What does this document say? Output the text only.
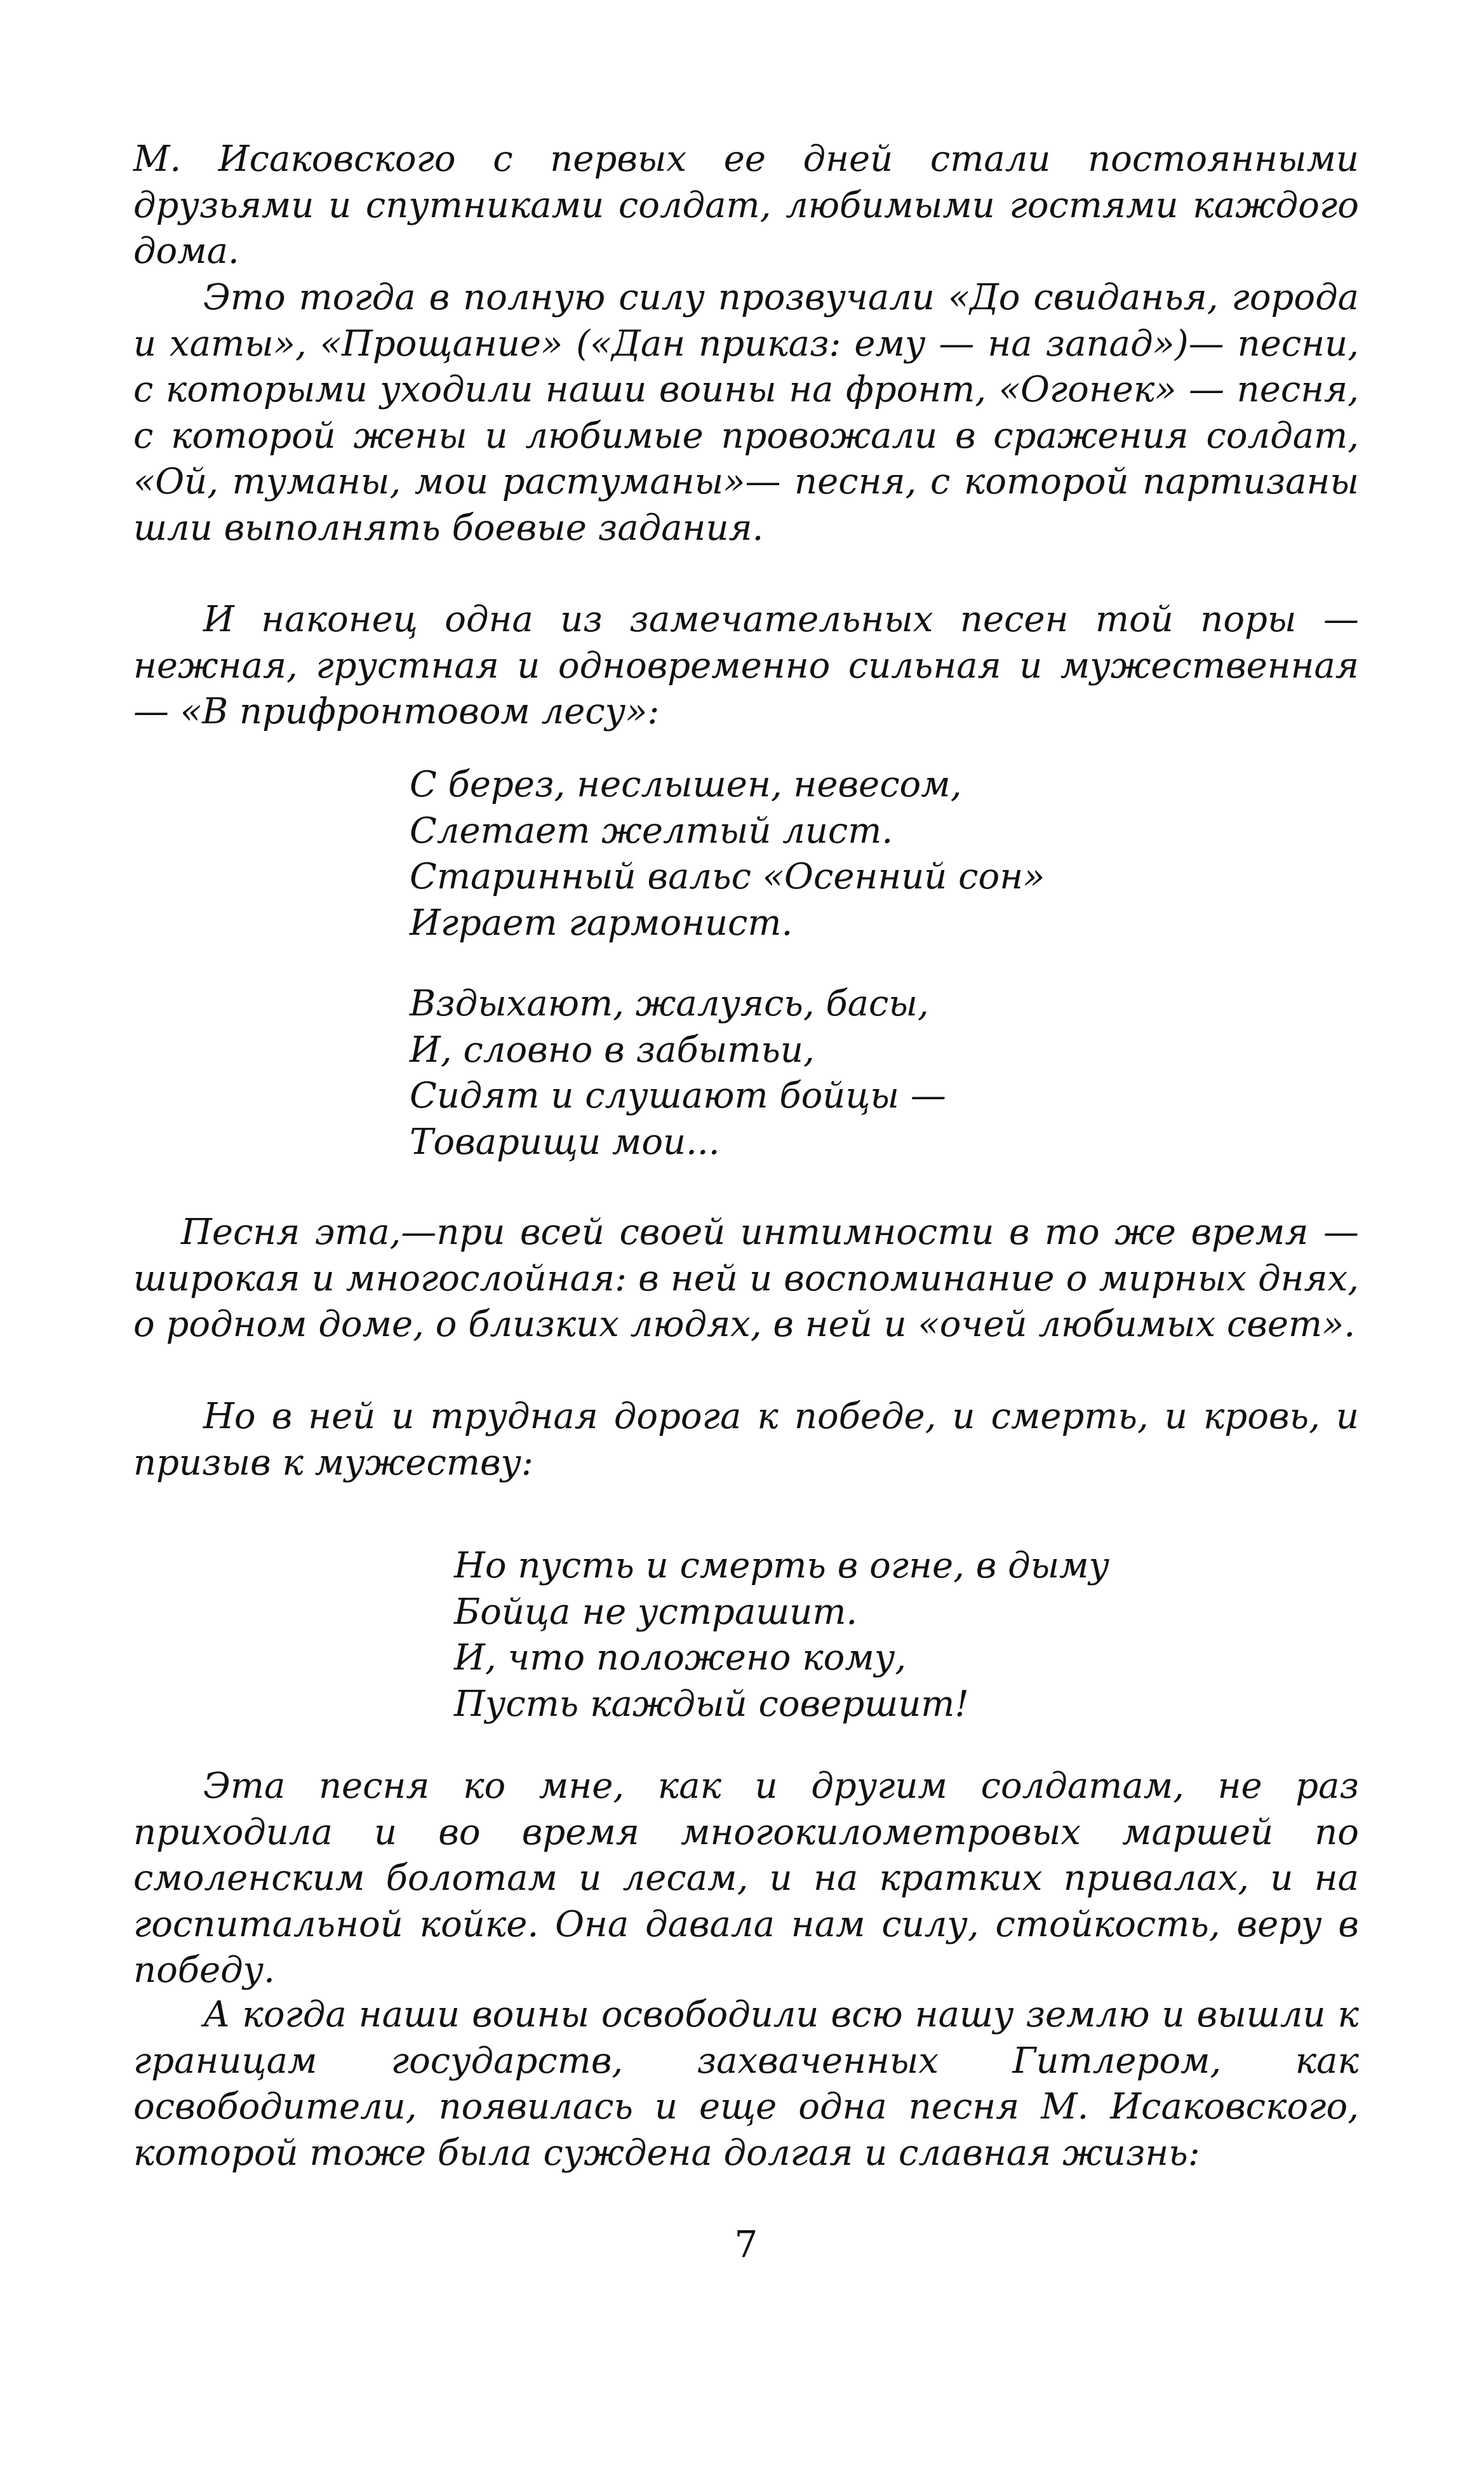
М. Исаковского с первых ее дней стали постоянными друзьями и спутниками солдат, любимыми гостями каждого дома.

Это тогда в полную силу прозвучали «До свиданья, города и хаты», «Прощание» («Дан приказ: ему — на запад»)— песни, с которыми уходили наши воины на фронт, «Огонек» — песня, с которой жены и любимые провожали в сражения солдат, «Ой, туманы, мои растуманы»— песня, с которой партизаны шли выполнять боевые задания.

И наконец одна из замечательных песен той поры — нежная, грустная и одновременно сильная и мужественная — «В прифронтовом лесу»:

С берез, неслышен, невесом,
Слетает желтый лист.
Старинный вальс «Осенний сон»
Играет гармонист.
Вздыхают, жалуясь, басы,
И, словно в забытьи,
Сидят и слушают бойцы —
Товарищи мои...

Песня эта,—при всей своей интимности в то же время — широкая и многослойная: в ней и воспоминание о мирных днях, о родном доме, о близких людях, в ней и «очей любимых свет».

Но в ней и трудная дорога к победе, и смерть, и кровь, и призыв к мужеству:

Но пусть и смерть в огне, в дыму
Бойца не устрашит.
И, что положено кому,
Пусть каждый совершит!

Эта песня ко мне, как и другим солдатам, не раз приходила и во время многокилометровых маршей по смоленским болотам и лесам, и на кратких привалах, и на госпитальной койке. Она давала нам силу, стойкость, веру в победу.

А когда наши воины освободили всю нашу землю и вышли к границам государств, захваченных Гитлером, как освободители, появилась и еще одна песня М. Исаковского, которой тоже была суждена долгая и славная жизнь:

7
